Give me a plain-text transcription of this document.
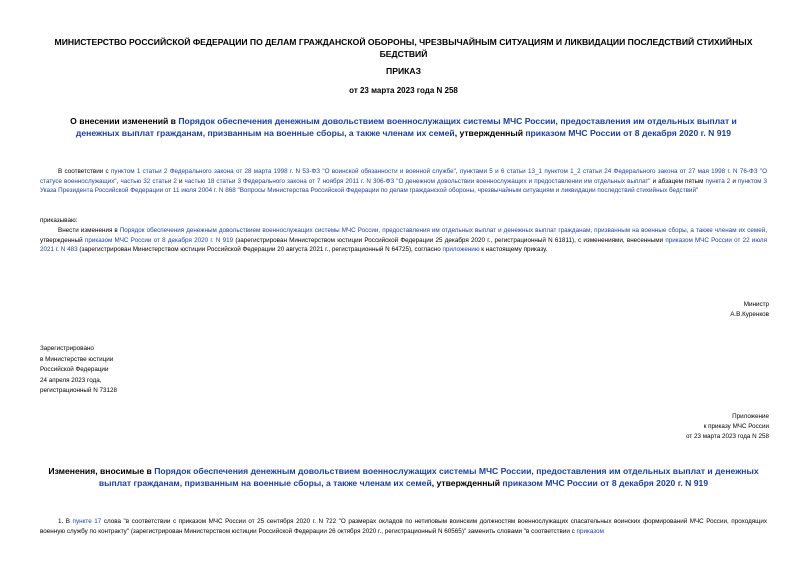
МИНИСТЕРСТВО РОССИЙСКОЙ ФЕДЕРАЦИИ ПО ДЕЛАМ ГРАЖДАНСКОЙ ОБОРОНЫ, ЧРЕЗВЫЧАЙНЫМ СИТУАЦИЯМ И ЛИКВИДАЦИИ ПОСЛЕДСТВИЙ СТИХИЙНЫХ БЕДСТВИЙ
ПРИКАЗ
от 23 марта 2023 года N 258
О внесении изменений в Порядок обеспечения денежным довольствием военнослужащих системы МЧС России, предоставления им отдельных выплат и денежных выплат гражданам, призванным на военные сборы, а также членам их семей, утвержденный приказом МЧС России от 8 декабря 2020 г. N 919
В соответствии с пунктом 1 статьи 2 Федерального закона от 28 марта 1998 г. N 53-ФЗ "О воинской обязанности и военной службе", пунктами 5 и 6 статьи 13_1 пунктом 1_2 статьи 24 Федерального закона от 27 мая 1998 г. N 76-ФЗ "О статусе военнослужащих", частью 32 статьи 2 и частью 18 статьи 3 Федерального закона от 7 ноября 2011 г. N 306-ФЗ "О денежном довольствии военнослужащих и предоставлении им отдельных выплат" и абзацем пятым пункта 2 и пунктом 3 Указа Президента Российской Федерации от 11 июля 2004 г. N 868 "Вопросы Министерства Российской Федерации по делам гражданской обороны, чрезвычайным ситуациям и ликвидации последствий стихийных бедствий"
приказываю:
Внести изменения в Порядок обеспечения денежным довольствием военнослужащих системы МЧС России, предоставления им отдельных выплат и денежных выплат гражданам, призванным на военные сборы, а также членам их семей, утвержденный приказом МЧС России от 8 декабря 2020 г. N 919 (зарегистрирован Министерством юстиции Российской Федерации 25 декабря 2020 г., регистрационный N 61811), с изменениями, внесенными приказом МЧС России от 22 июля 2021 г. N 483 (зарегистрирован Министерством юстиции Российской Федерации 20 августа 2021 г., регистрационный N 64725), согласно приложению к настоящему приказу.
Министр
А.В.Куренков
Зарегистрировано
в Министерстве юстиции
Российской Федерации
24 апреля 2023 года,
регистрационный N 73128
Приложение
к приказу МЧС России
от 23 марта 2023 года N 258
Изменения, вносимые в Порядок обеспечения денежным довольствием военнослужащих системы МЧС России, предоставления им отдельных выплат и денежных выплат гражданам, призванным на военные сборы, а также членам их семей, утвержденный приказом МЧС России от 8 декабря 2020 г. N 919
1. В пункте 17 слова "в соответствии с приказом МЧС России от 25 сентября 2020 г. N 722 "О размерах окладов по нетиповым воинским должностям военнослужащих спасательных воинских формирований МЧС России, проходящих военную службу по контракту" (зарегистрирован Министерством юстиции Российской Федерации 26 октября 2020 г., регистрационный N 60565)" заменить словами "в соответствии с приказом
